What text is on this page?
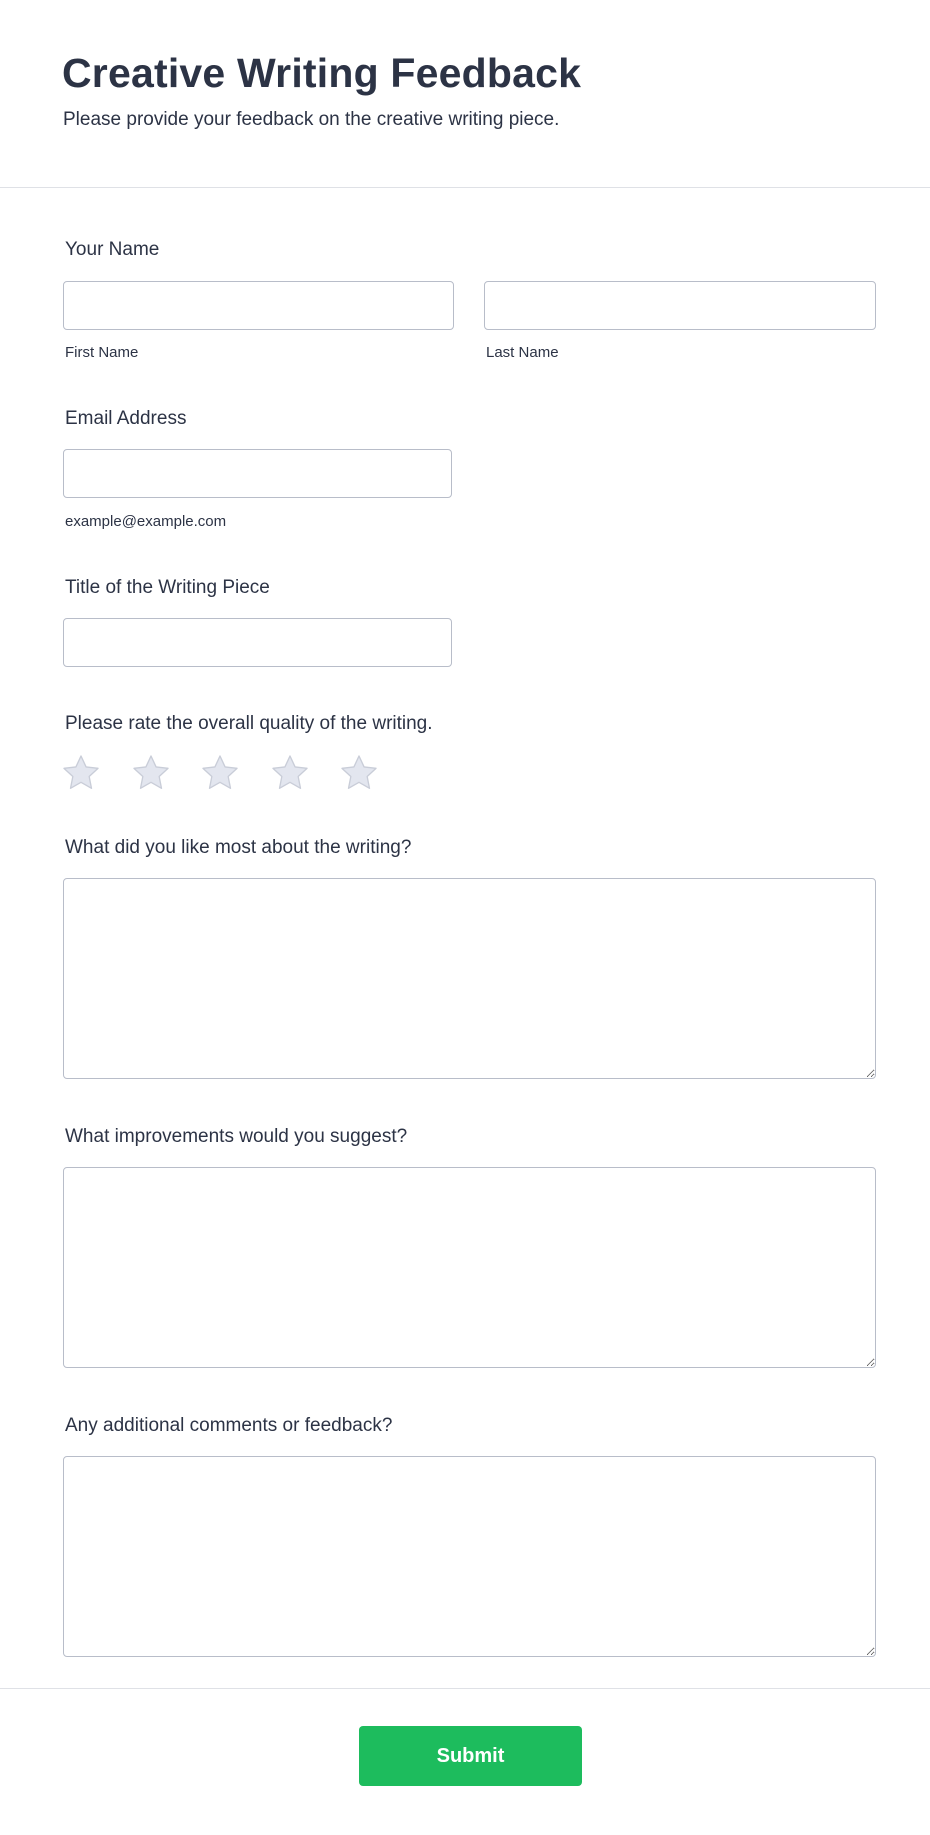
Creative Writing Feedback

Please provide your feedback on the creative writing piece.

Your Name
First Name	Last Name
Email Address
example@example.com
Title of the Writing Piece
Please rate the overall quality of the writing.
What did you like most about the writing?
What improvements would you suggest?
Any additional comments or feedback?
Submit
